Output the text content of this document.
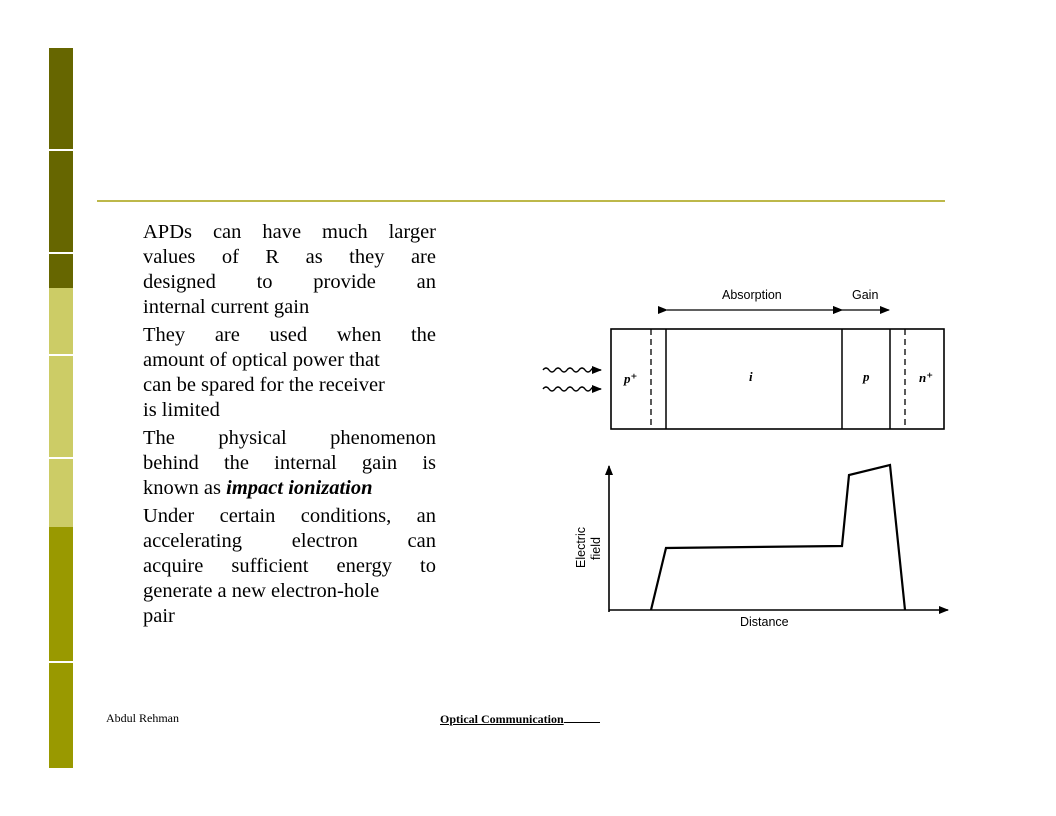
APDs can have much larger
values of R as they are
designed to provide an
internal current gain
They are used when the
amount of optical power that
can be spared for the receiver
is limited
The physical phenomenon
behind the internal gain is
known as impact ionization
Under certain conditions, an
accelerating electron can
acquire sufficient energy to
generate a new electron-hole
pair
Absorption	Gain
p⁺	i	p	n⁺
Electric field
Distance
Abdul Rehman	Optical Communication
